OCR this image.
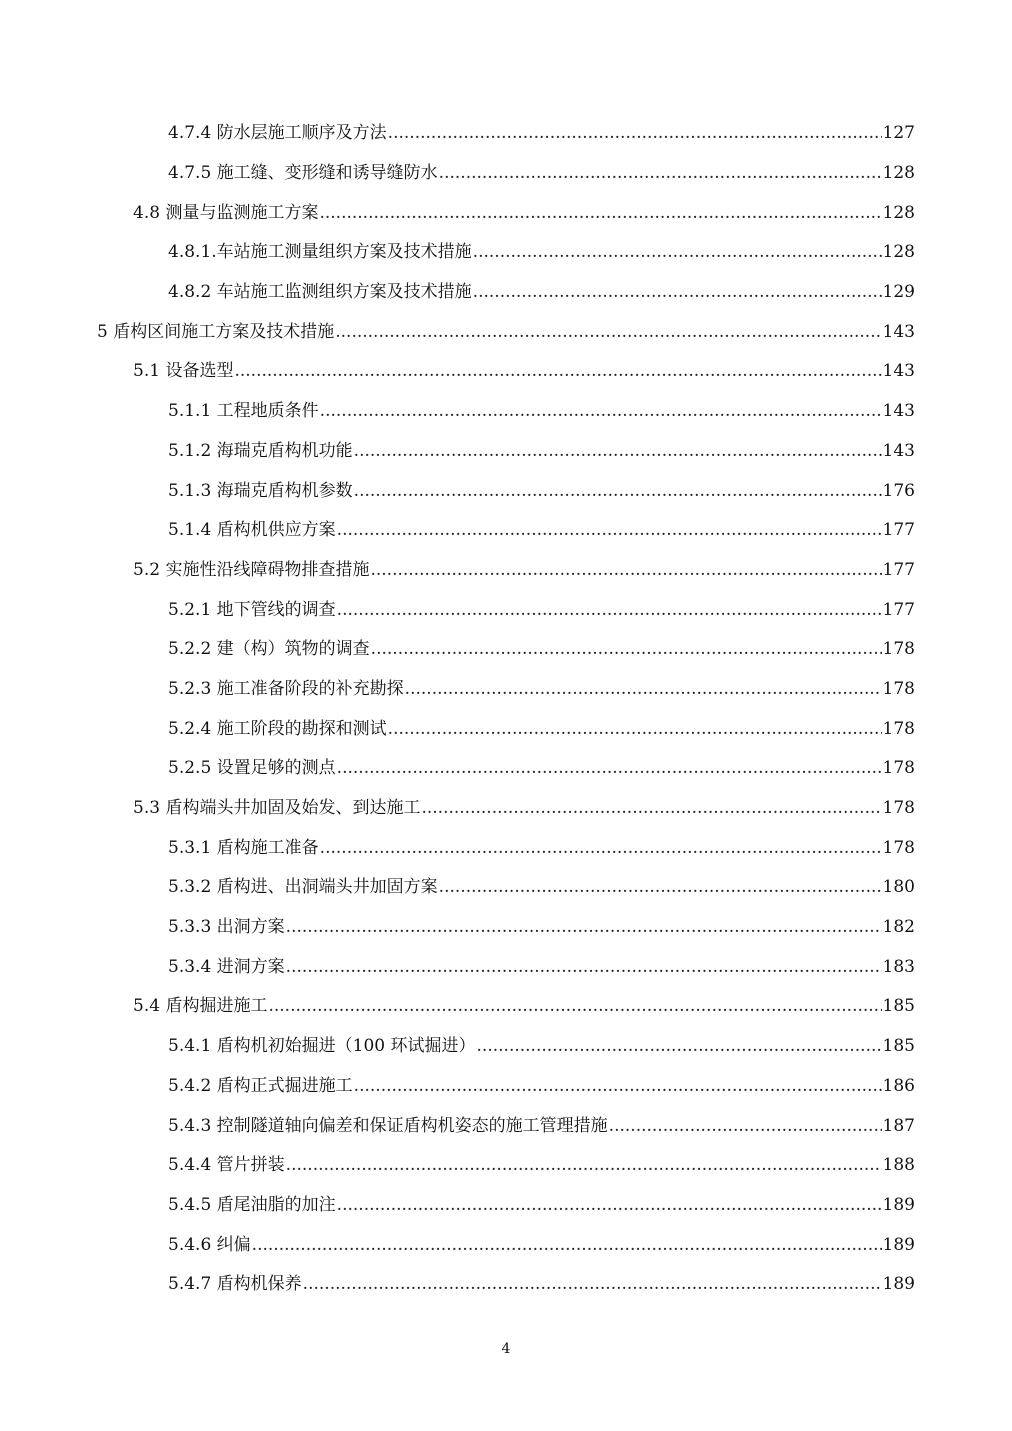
4.7.4 防水层施工顺序及方法 .....	127
4.7.5 施工缝、变形缝和诱导缝防水 .....	128
4.8 测量与监测施工方案 .....	128
4.8.1.车站施工测量组织方案及技术措施 .....	128
4.8.2 车站施工监测组织方案及技术措施 .....	129
5 盾构区间施工方案及技术措施 .....	143
5.1 设备选型 .....	143
5.1.1 工程地质条件 .....	143
5.1.2 海瑞克盾构机功能 .....	143
5.1.3 海瑞克盾构机参数 .....	176
5.1.4 盾构机供应方案 .....	177
5.2 实施性沿线障碍物排查措施 .....	177
5.2.1 地下管线的调查 .....	177
5.2.2 建（构）筑物的调查 .....	178
5.2.3 施工准备阶段的补充勘探 .....	178
5.2.4 施工阶段的勘探和测试 .....	178
5.2.5 设置足够的测点 .....	178
5.3 盾构端头井加固及始发、到达施工 .....	178
5.3.1 盾构施工准备 .....	178
5.3.2 盾构进、出洞端头井加固方案 .....	180
5.3.3 出洞方案 .....	182
5.3.4 进洞方案 .....	183
5.4 盾构掘进施工 .....	185
5.4.1 盾构机初始掘进（100 环试掘进） .....	185
5.4.2 盾构正式掘进施工 .....	186
5.4.3 控制隧道轴向偏差和保证盾构机姿态的施工管理措施 .....	187
5.4.4 管片拼装 .....	188
5.4.5 盾尾油脂的加注 .....	189
5.4.6 纠偏 .....	189
5.4.7 盾构机保养 .....	189
4
